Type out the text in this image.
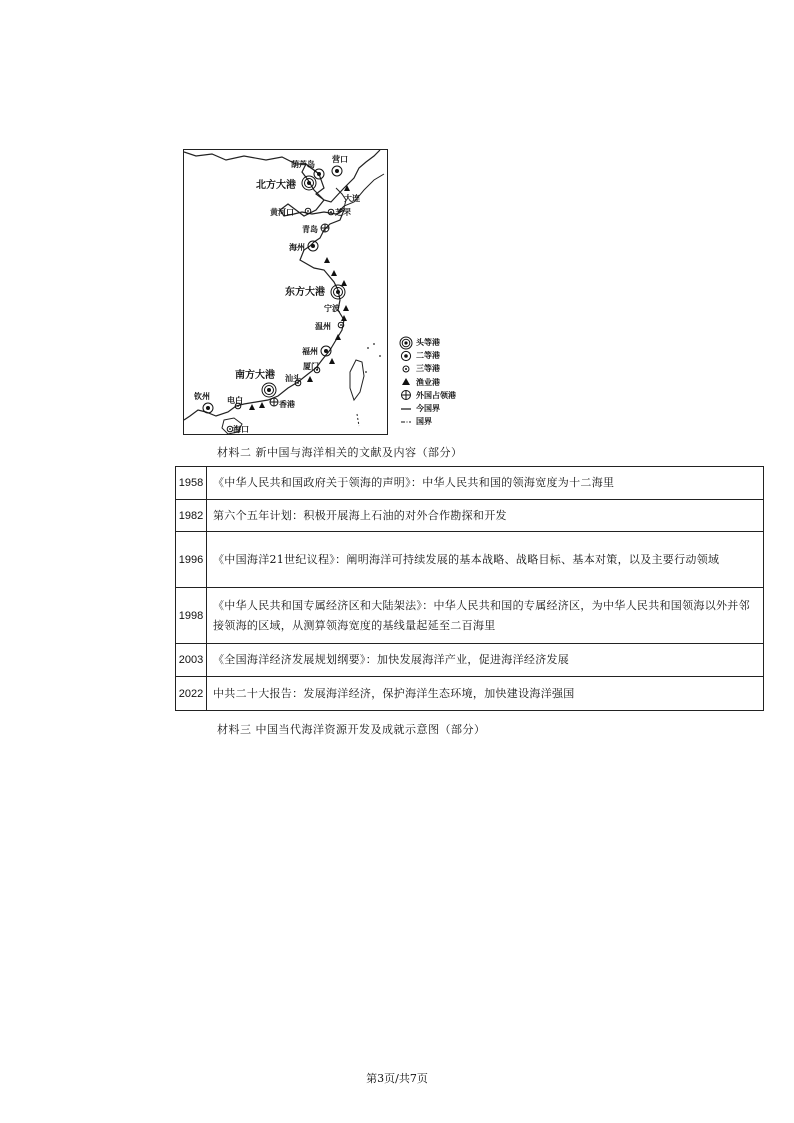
葫芦岛
营口
北方大港
大连
黄河口	芝罘
青岛
海州
东方大港
宁波
温州
福州
厦门
汕头
南方大港
钦州 电白	香港
海口
头等港
二等港
三等港
渔业港
外国占领港
今国界
国界
材料二 新中国与海洋相关的文献及内容（部分）
1958	《中华人民共和国政府关于领海的声明》：中华人民共和国的领海宽度为十二海里
1982	第六个五年计划：积极开展海上石油的对外合作勘探和开发
1996	《中国海洋21世纪议程》：阐明海洋可持续发展的基本战略、战略目标、基本对策，以及主要行动领域
1998	《中华人民共和国专属经济区和大陆架法》：中华人民共和国的专属经济区，为中华人民共和国领海以外并邻接领海的区域，从测算领海宽度的基线量起延至二百海里
2003	《全国海洋经济发展规划纲要》：加快发展海洋产业，促进海洋经济发展
2022	中共二十大报告：发展海洋经济，保护海洋生态环境，加快建设海洋强国
材料三 中国当代海洋资源开发及成就示意图（部分）
第3页/共7页
